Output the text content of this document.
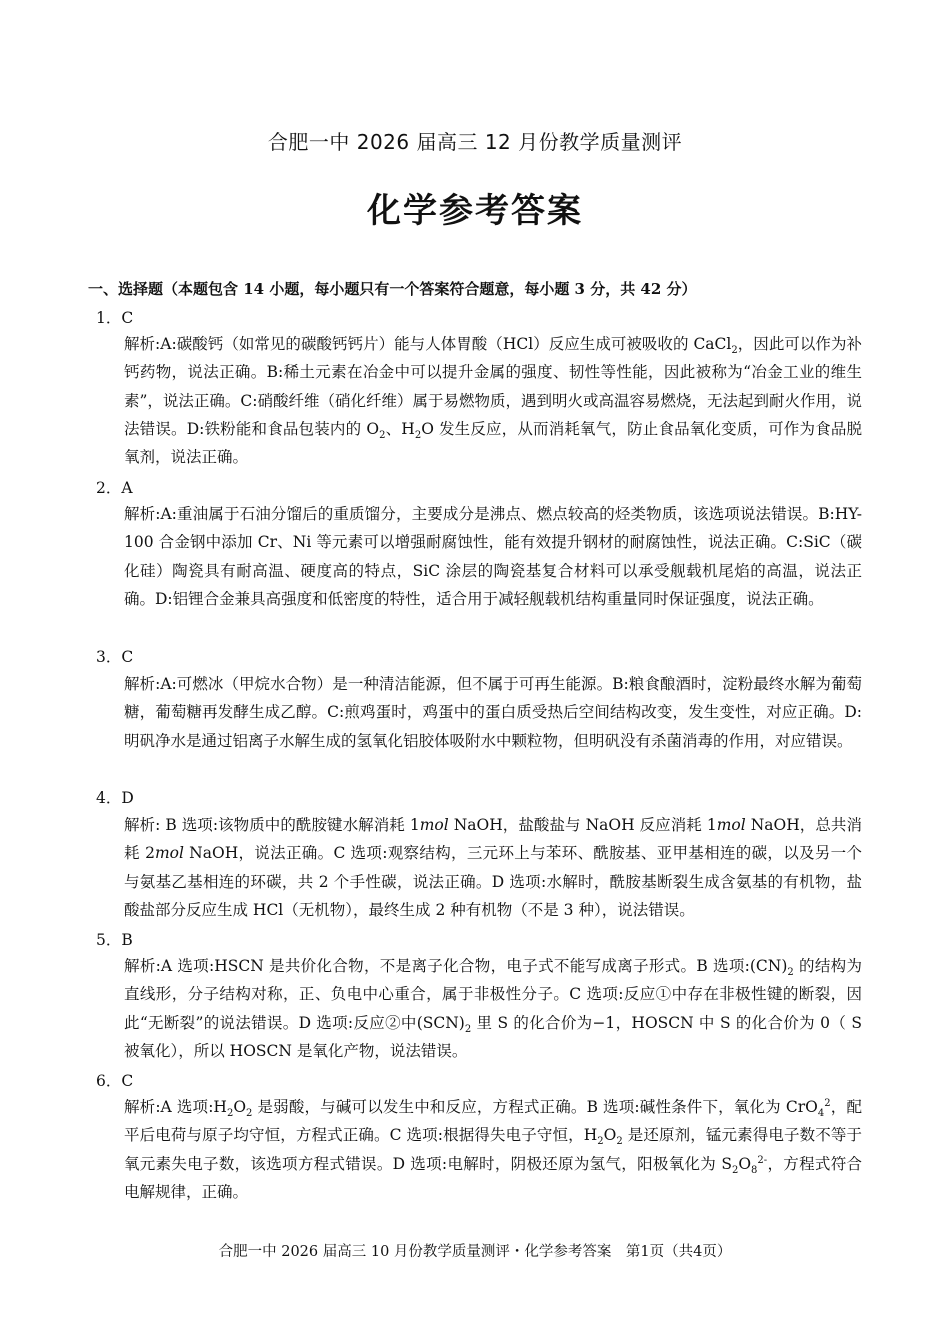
合肥一中 2026 届高三 12 月份教学质量测评
化学参考答案
一、选择题（本题包含 14 小题，每小题只有一个答案符合题意，每小题 3 分，共 42 分）
1．C
解析:A:碳酸钙（如常见的碳酸钙钙片）能与人体胃酸（HCl）反应生成可被吸收的 CaCl$_2$，因此可以作为补钙药物，说法正确。B:稀土元素在冶金中可以提升金属的强度、韧性等性能，因此被称为“冶金工业的维生素”，说法正确。C:硝酸纤维（硝化纤维）属于易燃物质，遇到明火或高温容易燃烧，无法起到耐火作用，说法错误。D:铁粉能和食品包装内的 $O_2$、$H_2O$ 发生反应，从而消耗氧气，防止食品氧化变质，可作为食品脱氧剂，说法正确。
2．A
解析:A:重油属于石油分馏后的重质馏分，主要成分是沸点、燃点较高的烃类物质，该选项说法错误。B:HY-100 合金钢中添加 Cr、Ni 等元素可以增强耐腐蚀性，能有效提升钢材的耐腐蚀性，说法正确。C:SiC（碳化硅）陶瓷具有耐高温、硬度高的特点，SiC 涂层的陶瓷基复合材料可以承受舰载机尾焰的高温，说法正确。D:铝锂合金兼具高强度和低密度的特性，适合用于减轻舰载机结构重量同时保证强度，说法正确。
3．C
解析:A:可燃冰（甲烷水合物）是一种清洁能源，但不属于可再生能源。B:粮食酿酒时，淀粉最终水解为葡萄糖，葡萄糖再发酵生成乙醇。C:煎鸡蛋时，鸡蛋中的蛋白质受热后空间结构改变，发生变性，对应正确。D:明矾净水是通过铝离子水解生成的氢氧化铝胶体吸附水中颗粒物，但明矾没有杀菌消毒的作用，对应错误。
4．D
解析: B 选项:该物质中的酰胺键水解消耗 1mol NaOH，盐酸盐与 NaOH 反应消耗 1mol NaOH，总共消耗 2mol NaOH，说法正确。C 选项:观察结构，三元环上与苯环、酰胺基、亚甲基相连的碳，以及另一个与氨基乙基相连的环碳，共 2 个手性碳，说法正确。D 选项:水解时，酰胺基断裂生成含氨基的有机物，盐酸盐部分反应生成 HCl（无机物），最终生成 2 种有机物（不是 3 种），说法错误。
5．B
解析:A 选项:HSCN 是共价化合物，不是离子化合物，电子式不能写成离子形式。B 选项$:(CN)_2$ 的结构为直线形，分子结构对称，正、负电中心重合，属于非极性分子。C 选项:反应①中存在非极性键的断裂，因此“无断裂”的说法错误。D 选项:反应②中$(SCN)_2$ 里 S 的化合价为−1，HOSCN 中 S 的化合价为 0（ S 被氧化），所以 HOSCN 是氧化产物，说法错误。
6．C
解析:A 选项$:H_2O_2$ 是弱酸，与碱可以发生中和反应，方程式正确。B 选项:碱性条件下，氧化为 CrO$_4^2$，配平后电荷与原子均守恒，方程式正确。C 选项:根据得失电子守恒，$H_2O_2$ 是还原剂，锰元素得电子数不等于氧元素失电子数，该选项方程式错误。D 选项:电解时，阴极还原为氢气，阳极氧化为 $S_2O_8^{2-}$，方程式符合电解规律，正确。
合肥一中 2026 届高三 10 月份教学质量测评・化学参考答案　第1页（共4页）
